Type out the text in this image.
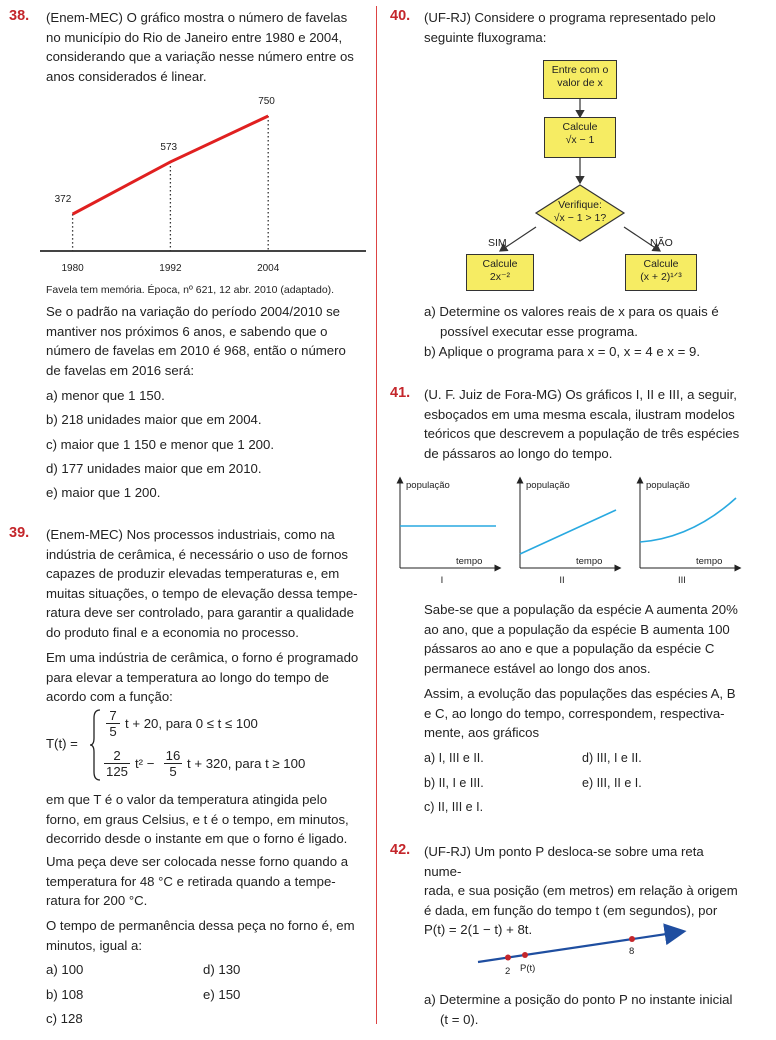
38. (Enem-MEC) O gráfico mostra o número de favelas
no município do Rio de Janeiro entre 1980 e 2004,
considerando que a variação nesse número entre os
anos considerados é linear.
372
1980
573
1992
750
2004
Favela tem memória. Época, nº 621, 12 abr. 2010 (adaptado).
Se o padrão na variação do período 2004/2010 se
mantiver nos próximos 6 anos, e sabendo que o
número de favelas em 2010 é 968, então o número
de favelas em 2016 será:
a) menor que 1 150.
b) 218 unidades maior que em 2004.
c) maior que 1 150 e menor que 1 200.
d) 177 unidades maior que em 2010.
e) maior que 1 200.
39. (Enem-MEC) Nos processos industriais, como na
indústria de cerâmica, é necessário o uso de fornos
capazes de produzir elevadas temperaturas e, em
muitas situações, o tempo de elevação dessa tempe-
ratura deve ser controlado, para garantir a qualidade
do produto final e a economia no processo.
Em uma indústria de cerâmica, o forno é programado
para elevar a temperatura ao longo do tempo de
acordo com a função:
T(t) =
$\frac{7}{5}$ t + 20, para 0 ≤ t ≤ 100
$\frac{2}{125} t^2 - \frac{16}{5}$ t + 320, para t ≥ 100
em que T é o valor da temperatura atingida pelo
forno, em graus Celsius, e t é o tempo, em minutos,
decorrido desde o instante em que o forno é ligado.
Uma peça deve ser colocada nesse forno quando a
temperatura for 48 °C e retirada quando a tempe-
ratura for 200 °C.
O tempo de permanência dessa peça no forno é, em
minutos, igual a:
a) 100	d) 130
b) 108	e) 150
c) 128
40. (UF-RJ) Considere o programa representado pelo
seguinte fluxograma:
Entre com o
valor de x
Calcule
√x − 1
Verifique:
√x − 1 > 1?
SIM	NÃO
Calcule
2x⁻²
Calcule
(x + 2)¹ᐟ³
a) Determine os valores reais de x para os quais é
possível executar esse programa.
b) Aplique o programa para x = 0, x = 4 e x = 9.
41. (U. F. Juiz de Fora-MG) Os gráficos I, II e III, a seguir,
esboçados em uma mesma escala, ilustram modelos
teóricos que descrevem a população de três espécies
de pássaros ao longo do tempo.
população
tempo
I
população
tempo
II
população
tempo
III
Sabe-se que a população da espécie A aumenta 20%
ao ano, que a população da espécie B aumenta 100
pássaros ao ano e que a população da espécie C
permanece estável ao longo dos anos.
Assim, a evolução das populações das espécies A, B
e C, ao longo do tempo, correspondem, respectiva-
mente, aos gráficos
a) I, III e II.	d) III, I e II.
b) II, I e III.	e) III, II e I.
c) II, III e I.
42. (UF-RJ) Um ponto P desloca-se sobre uma reta nume-
rada, e sua posição (em metros) em relação à origem
é dada, em função do tempo t (em segundos), por
P(t) = 2(1 − t) + 8t.
2 P(t)
8
a) Determine a posição do ponto P no instante inicial
(t = 0).
